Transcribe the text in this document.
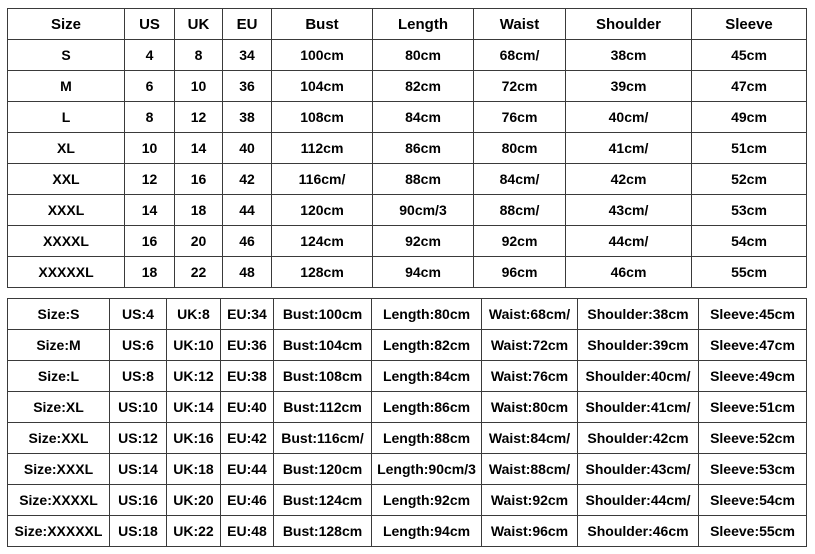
Size	US	UK	EU	Bust	Length	Waist	Shoulder	Sleeve
S	4	8	34	100cm	80cm	68cm/	38cm	45cm
M	6	10	36	104cm	82cm	72cm	39cm	47cm
L	8	12	38	108cm	84cm	76cm	40cm/	49cm
XL	10	14	40	112cm	86cm	80cm	41cm/	51cm
XXL	12	16	42	116cm/	88cm	84cm/	42cm	52cm
XXXL	14	18	44	120cm	90cm/3	88cm/	43cm/	53cm
XXXXL	16	20	46	124cm	92cm	92cm	44cm/	54cm
XXXXXL	18	22	48	128cm	94cm	96cm	46cm	55cm
Size:S	US:4	UK:8	EU:34	Bust:100cm	Length:80cm	Waist:68cm/	Shoulder:38cm	Sleeve:45cm
Size:M	US:6	UK:10	EU:36	Bust:104cm	Length:82cm	Waist:72cm	Shoulder:39cm	Sleeve:47cm
Size:L	US:8	UK:12	EU:38	Bust:108cm	Length:84cm	Waist:76cm	Shoulder:40cm/	Sleeve:49cm
Size:XL	US:10	UK:14	EU:40	Bust:112cm	Length:86cm	Waist:80cm	Shoulder:41cm/	Sleeve:51cm
Size:XXL	US:12	UK:16	EU:42	Bust:116cm/	Length:88cm	Waist:84cm/	Shoulder:42cm	Sleeve:52cm
Size:XXXL	US:14	UK:18	EU:44	Bust:120cm	Length:90cm/3	Waist:88cm/	Shoulder:43cm/	Sleeve:53cm
Size:XXXXL	US:16	UK:20	EU:46	Bust:124cm	Length:92cm	Waist:92cm	Shoulder:44cm/	Sleeve:54cm
Size:XXXXXL	US:18	UK:22	EU:48	Bust:128cm	Length:94cm	Waist:96cm	Shoulder:46cm	Sleeve:55cm
